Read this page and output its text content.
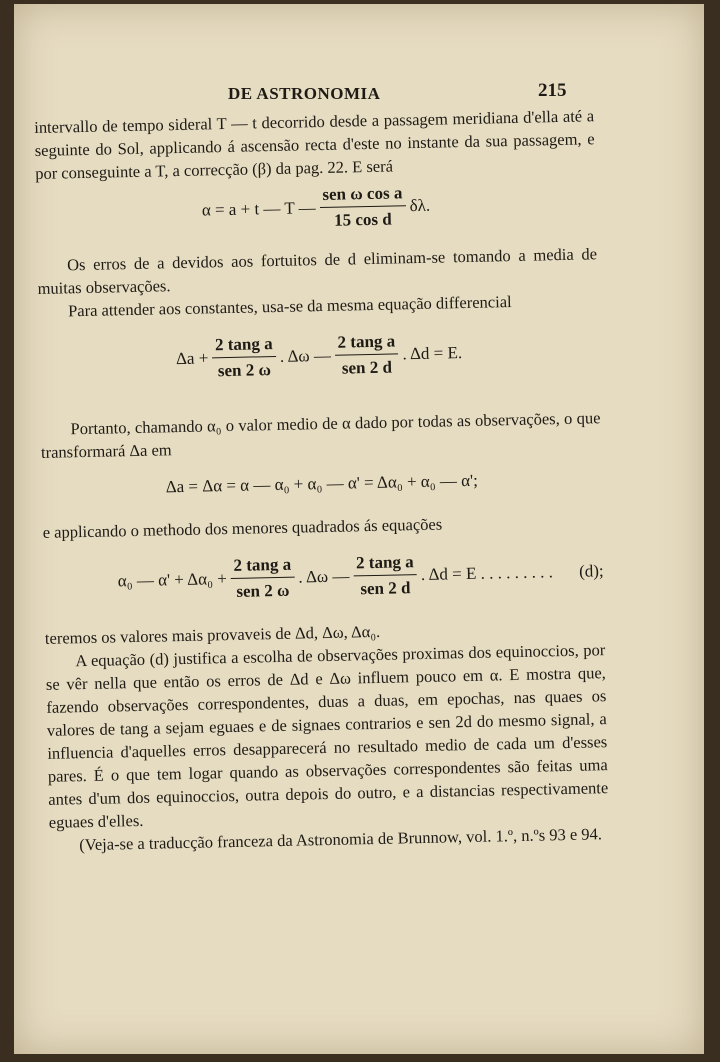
DE ASTRONOMIA	215

intervallo de tempo sideral T — t decorrido desde a passagem meridiana d'ella até a seguinte do Sol, applicando á ascensão recta d'este no instante da sua passagem, e por conseguinte a T, a correcção (β) da pag. 22. E será

α = a + t — T — $\frac{\text{sen ω cos a}}{\text{15 cos d}} \delta\lambda$.

Os erros de a devidos aos fortuitos de d eliminam-se tomando a media de muitas observações.

Para attender aos constantes, usa-se da mesma equação differencial

$\Delta a + \frac{\text{2 tang a}}{\text{sen 2 ω}}$ . Δω — $\frac{\text{2 tang a}}{\text{sen 2 d}}$ . Δd = E.

Portanto, chamando α₀ o valor medio de α dado por todas as observações, o que transformará Δa em

Δa = Δα = α — α₀ + α₀ — α' = Δα₀ + α₀ — α';

e applicando o methodo dos menores quadrados ás equações

α₀ — $\alpha' + \Delta\alpha_0 + \frac{\text{2 tang a}}{\text{sen 2 ω}}$ . Δω — $\frac{\text{2 tang a}}{\text{sen 2 d}}$ . Δd = E . . . . . . . . . (d);

teremos os valores mais provaveis de Δd, Δω, Δα₀.

A equação (d) justifica a escolha de observações proximas dos equinoccios, por se vêr nella que então os erros de Δd e Δω influem pouco em α. E mostra que, fazendo observações correspondentes, duas a duas, em epochas, nas quaes os valores de tang a sejam eguaes e de signaes contrarios e sen 2d do mesmo signal, a influencia d'aquelles erros desapparecerá no resultado medio de cada um d'esses pares. É o que tem logar quando as observações correspondentes são feitas uma antes d'um dos equinoccios, outra depois do outro, e a distancias respectivamente eguaes d'elles.

(Veja-se a traducção franceza da Astronomia de Brunnow, vol. 1.º, n.ºs 93 e 94.
